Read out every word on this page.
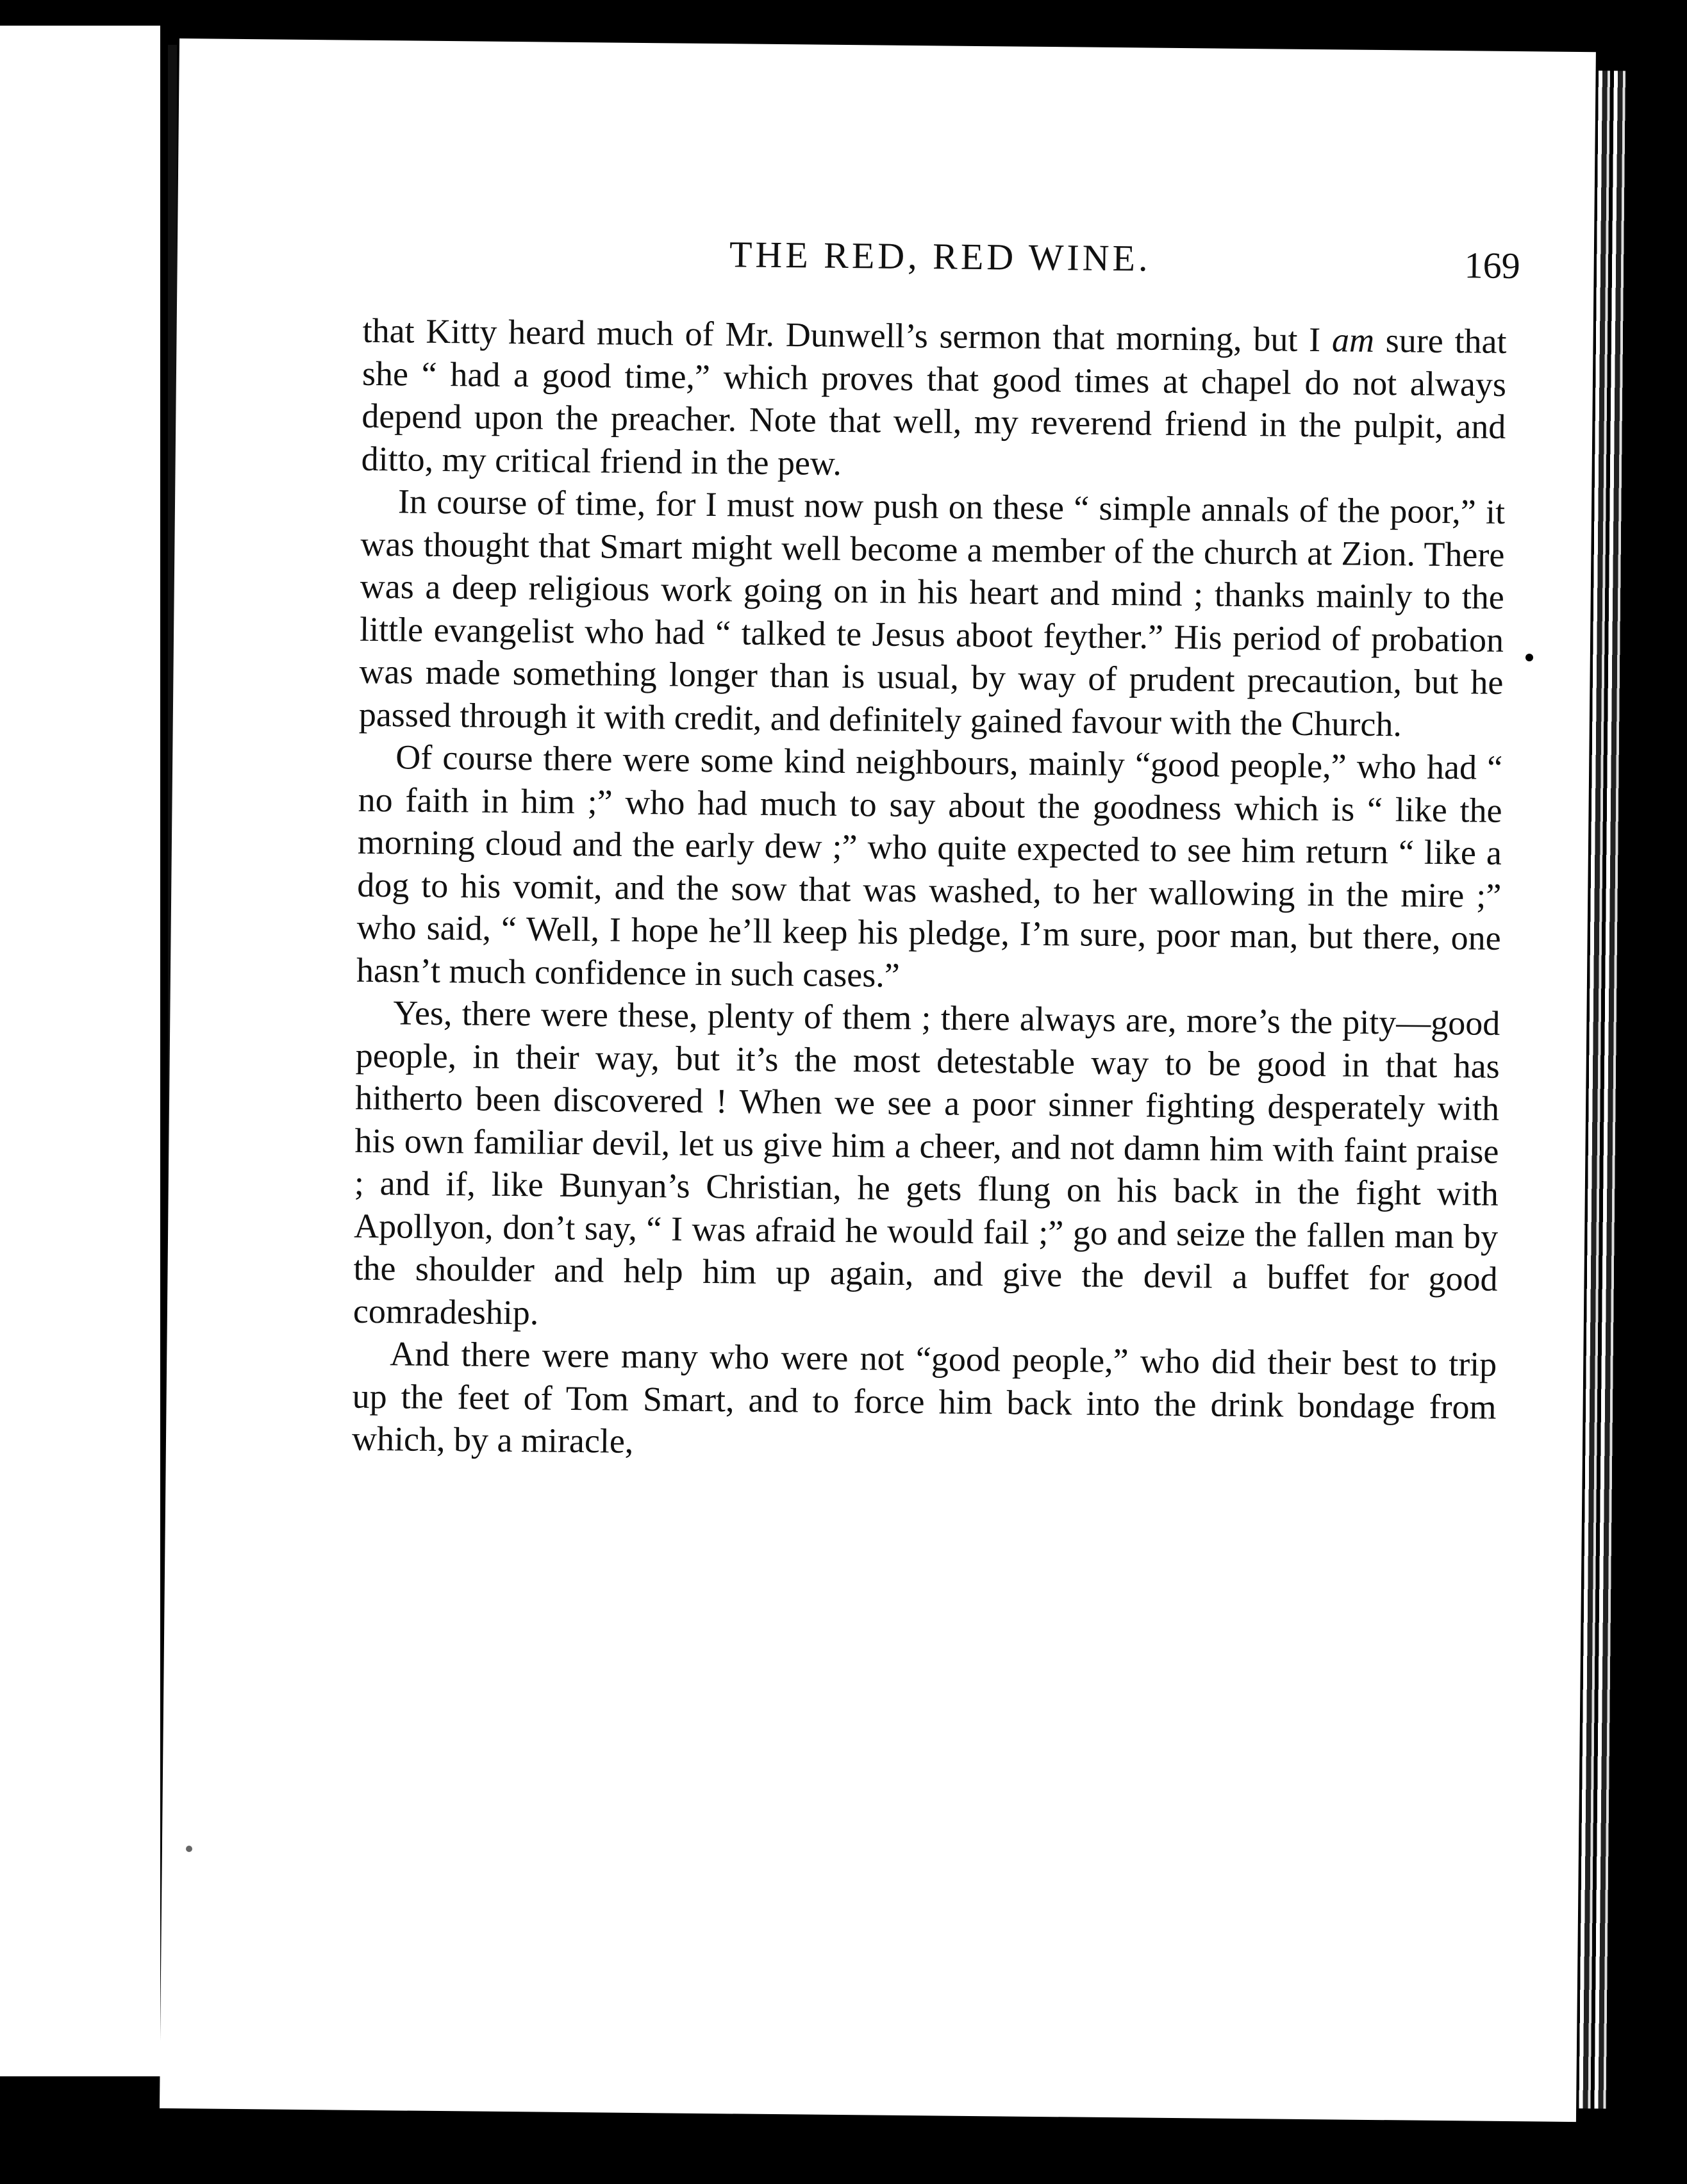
THE RED, RED WINE.	169

that Kitty heard much of Mr. Dunwell’s sermon that morning, but I am sure that she “ had a good time,” which proves that good times at chapel do not always depend upon the preacher. Note that well, my reverend friend in the pulpit, and ditto, my critical friend in the pew.

In course of time, for I must now push on these “ simple annals of the poor,” it was thought that Smart might well become a member of the church at Zion. There was a deep religious work going on in his heart and mind ; thanks mainly to the little evangelist who had “ talked te Jesus aboot feyther.” His period of probation was made something longer than is usual, by way of prudent precaution, but he passed through it with credit, and definitely gained favour with the Church.

Of course there were some kind neighbours, mainly “good people,” who had “ no faith in him ;” who had much to say about the goodness which is “ like the morning cloud and the early dew ;” who quite expected to see him return “ like a dog to his vomit, and the sow that was washed, to her wallowing in the mire ;” who said, “ Well, I hope he’ll keep his pledge, I’m sure, poor man, but there, one hasn’t much confidence in such cases.”

Yes, there were these, plenty of them ; there always are, more’s the pity—good people, in their way, but it’s the most detestable way to be good in that has hitherto been discovered ! When we see a poor sinner fighting desperately with his own familiar devil, let us give him a cheer, and not damn him with faint praise ; and if, like Bunyan’s Christian, he gets flung on his back in the fight with Apollyon, don’t say, “ I was afraid he would fail ;” go and seize the fallen man by the shoulder and help him up again, and give the devil a buffet for good comradeship.

And there were many who were not “good people,” who did their best to trip up the feet of Tom Smart, and to force him back into the drink bondage from which, by a miracle,
